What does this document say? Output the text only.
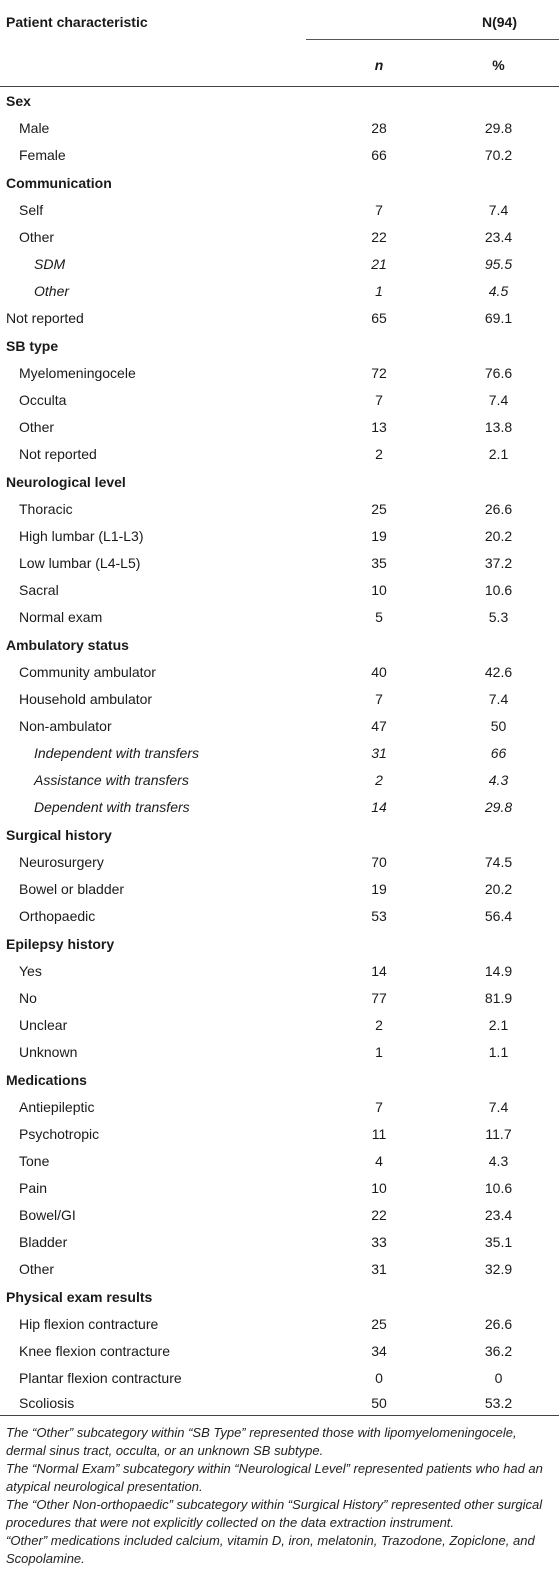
Patient characteristic	N(94)	
	n	%
Sex		
Male	28	29.8
Female	66	70.2
Communication		
Self	7	7.4
Other	22	23.4
SDM	21	95.5
Other	1	4.5
Not reported	65	69.1
SB type		
Myelomeningocele	72	76.6
Occulta	7	7.4
Other	13	13.8
Not reported	2	2.1
Neurological level		
Thoracic	25	26.6
High lumbar (L1-L3)	19	20.2
Low lumbar (L4-L5)	35	37.2
Sacral	10	10.6
Normal exam	5	5.3
Ambulatory status		
Community ambulator	40	42.6
Household ambulator	7	7.4
Non-ambulator	47	50
Independent with transfers	31	66
Assistance with transfers	2	4.3
Dependent with transfers	14	29.8
Surgical history		
Neurosurgery	70	74.5
Bowel or bladder	19	20.2
Orthopaedic	53	56.4
Epilepsy history		
Yes	14	14.9
No	77	81.9
Unclear	2	2.1
Unknown	1	1.1
Medications		
Antiepileptic	7	7.4
Psychotropic	11	11.7
Tone	4	4.3
Pain	10	10.6
Bowel/GI	22	23.4
Bladder	33	35.1
Other	31	32.9
Physical exam results		
Hip flexion contracture	25	26.6
Knee flexion contracture	34	36.2
Plantar flexion contracture	0	0
Scoliosis	50	53.2

The “Other” subcategory within “SB Type” represented those with lipomyelomeningocele, dermal sinus tract, occulta, or an unknown SB subtype.

The “Normal Exam” subcategory within “Neurological Level” represented patients who had an atypical neurological presentation.

The “Other Non-orthopaedic” subcategory within “Surgical History” represented other surgical procedures that were not explicitly collected on the data extraction instrument.

“Other” medications included calcium, vitamin D, iron, melatonin, Trazodone, Zopiclone, and Scopolamine.
